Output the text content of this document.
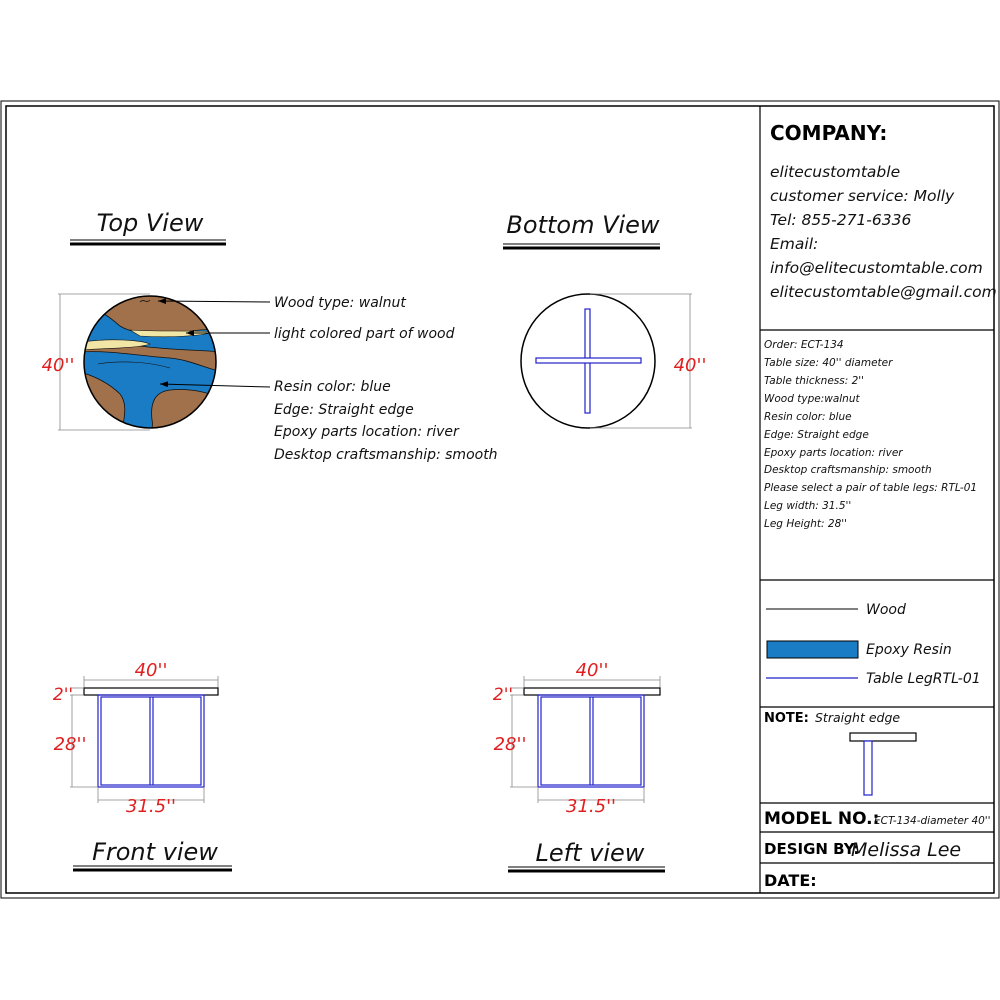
Top View
40''
Wood type: walnut
light colored part of wood
Resin color: blue
Edge: Straight edge
Epoxy parts location: river
Desktop craftsmanship: smooth
Bottom View
40''
40''
2''
28''
31.5''
Front view
40''
2''
28''
31.5''
Left view
COMPANY:
elitecustomtable
customer service: Molly
Tel: 855-271-6336
Email:
info@elitecustomtable.com
elitecustomtable@gmail.com
Order: ECT-134
Table size: 40'' diameter
Table thickness: 2''
Wood type:walnut
Resin color: blue
Edge: Straight edge
Epoxy parts location: river
Desktop craftsmanship: smooth
Please select a pair of table legs: RTL-01
Leg width: 31.5''
Leg Height: 28''
Wood
Epoxy Resin
Table LegRTL-01
NOTE: Straight edge
MODEL NO.:
ECT-134-diameter 40''
DESIGN BY:
Melissa Lee
DATE:
